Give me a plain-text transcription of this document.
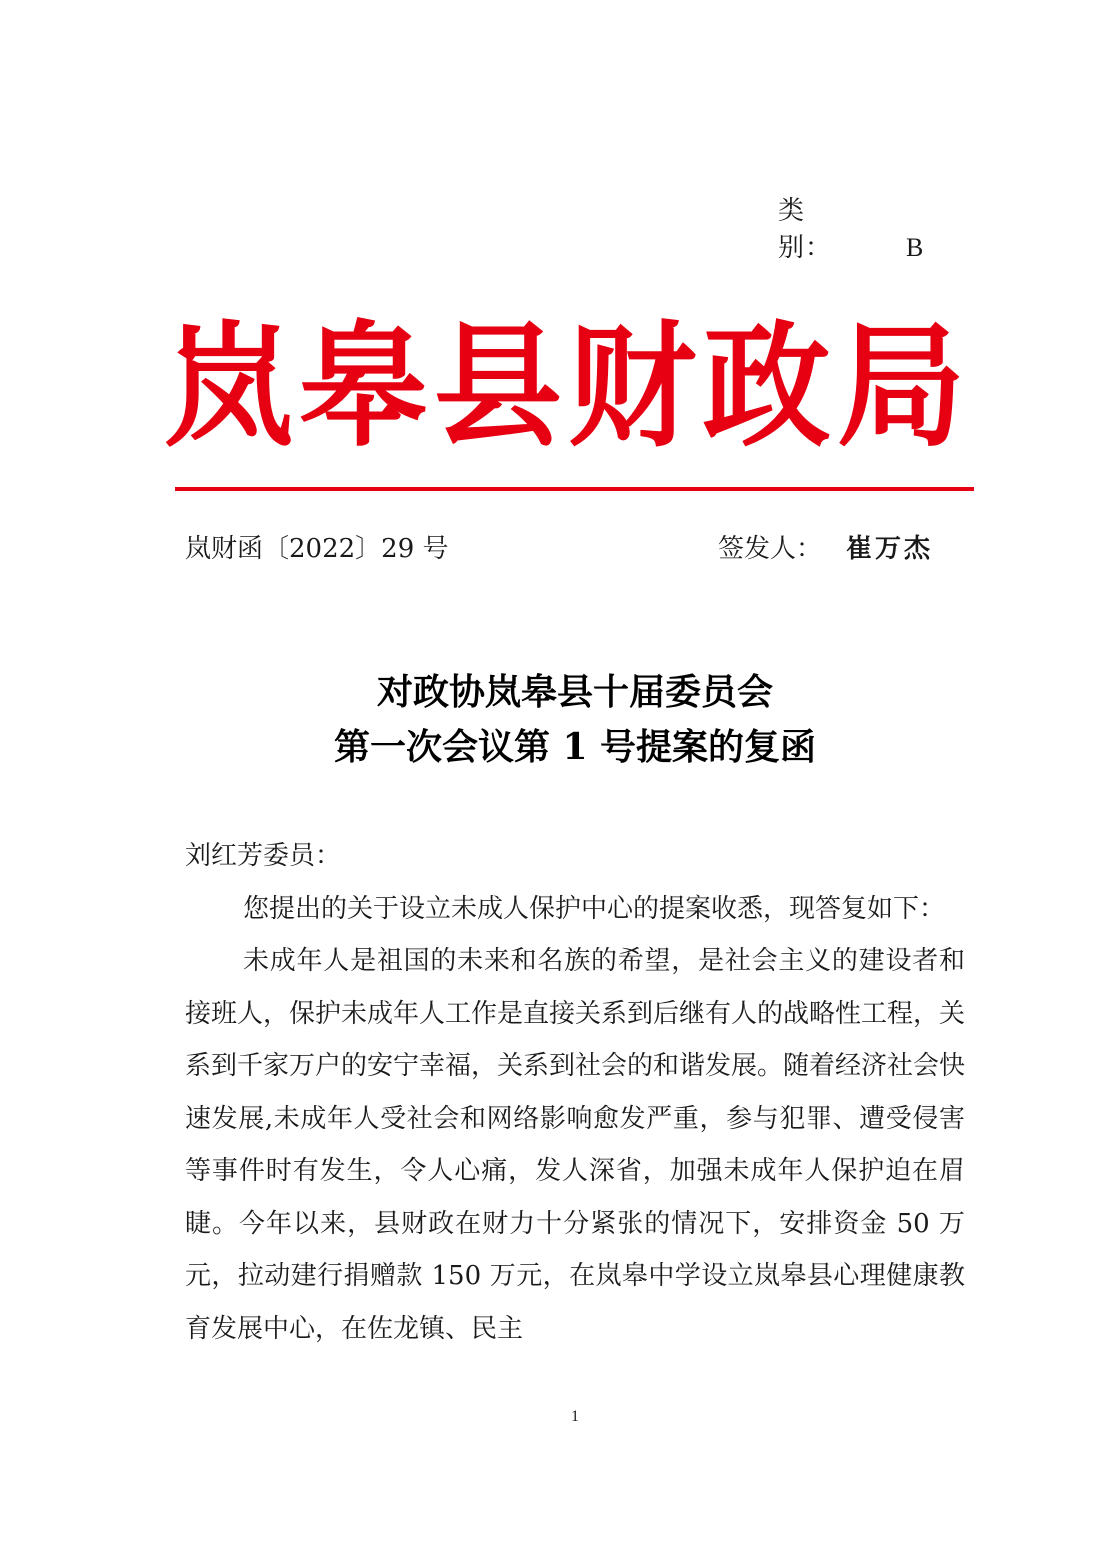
类　　别：	B
岚 皋 县 财 政 局
岚财函〔2022〕29 号	签发人： 崔万杰
对政协岚皋县十届委员会
第一次会议第 1 号提案的复函

刘红芳委员：

您提出的关于设立未成人保护中心的提案收悉，现答复如下：

未成年人是祖国的未来和名族的希望，是社会主义的建设者和接班人，保护未成年人工作是直接关系到后继有人的战略性工程，关系到千家万户的安宁幸福，关系到社会的和谐发展。随着经济社会快速发展,未成年人受社会和网络影响愈发严重，参与犯罪、遭受侵害等事件时有发生，令人心痛，发人深省，加强未成年人保护迫在眉睫。今年以来，县财政在财力十分紧张的情况下，安排资金 50 万元，拉动建行捐赠款 150 万元，在岚皋中学设立岚皋县心理健康教育发展中心，在佐龙镇、民主

1
